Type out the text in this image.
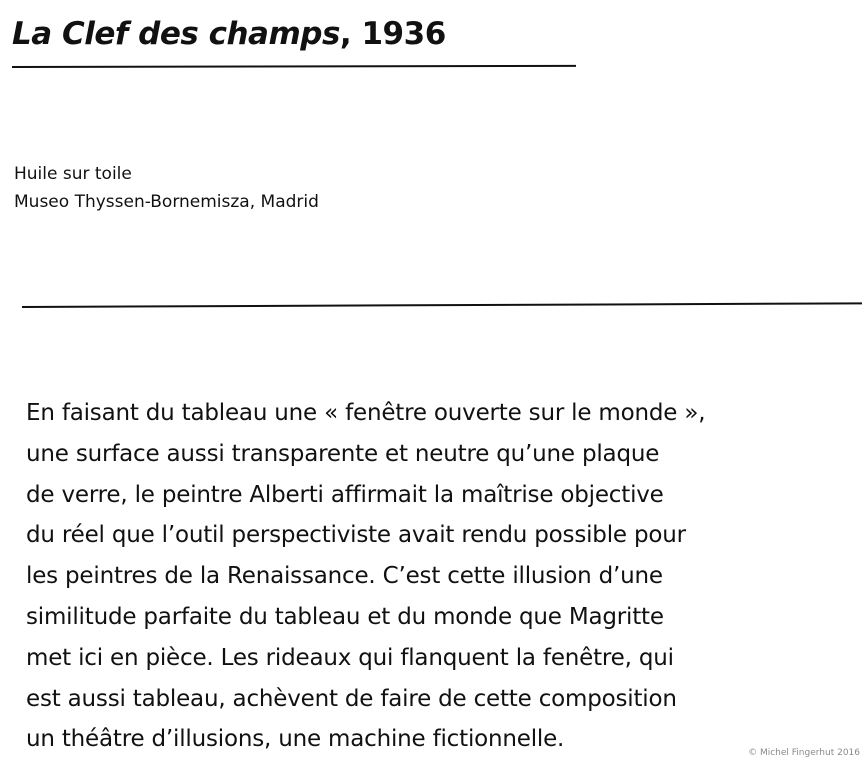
La Clef des champs, 1936
Huile sur toile
Museo Thyssen-Bornemisza, Madrid
En faisant du tableau une « fenêtre ouverte sur le monde »,
une surface aussi transparente et neutre qu’une plaque
de verre, le peintre Alberti affirmait la maîtrise objective
du réel que l’outil perspectiviste avait rendu possible pour
les peintres de la Renaissance. C’est cette illusion d’une
similitude parfaite du tableau et du monde que Magritte
met ici en pièce. Les rideaux qui flanquent la fenêtre, qui
est aussi tableau, achèvent de faire de cette composition
un théâtre d’illusions, une machine fictionnelle.
© Michel Fingerhut 2016
